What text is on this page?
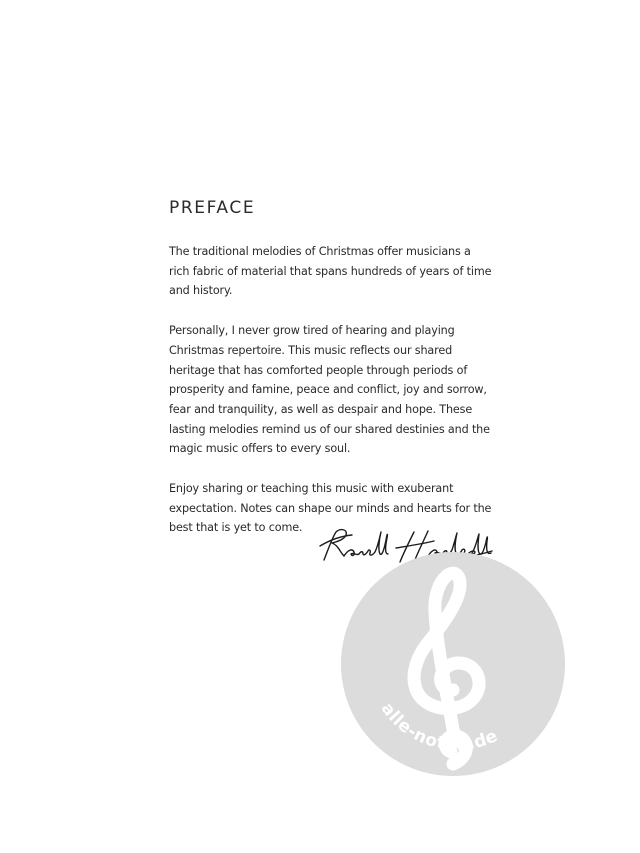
PREFACE

The traditional melodies of Christmas offer musicians a
rich fabric of material that spans hundreds of years of time
and history.

Personally, I never grow tired of hearing and playing
Christmas repertoire. This music reflects our shared
heritage that has comforted people through periods of
prosperity and famine, peace and conflict, joy and sorrow,
fear and tranquility, as well as despair and hope. These
lasting melodies remind us of our shared destinies and the
magic music offers to every soul.

Enjoy sharing or teaching this music with exuberant
expectation. Notes can shape our minds and hearts for the
best that is yet to come.

alle-noten.de
